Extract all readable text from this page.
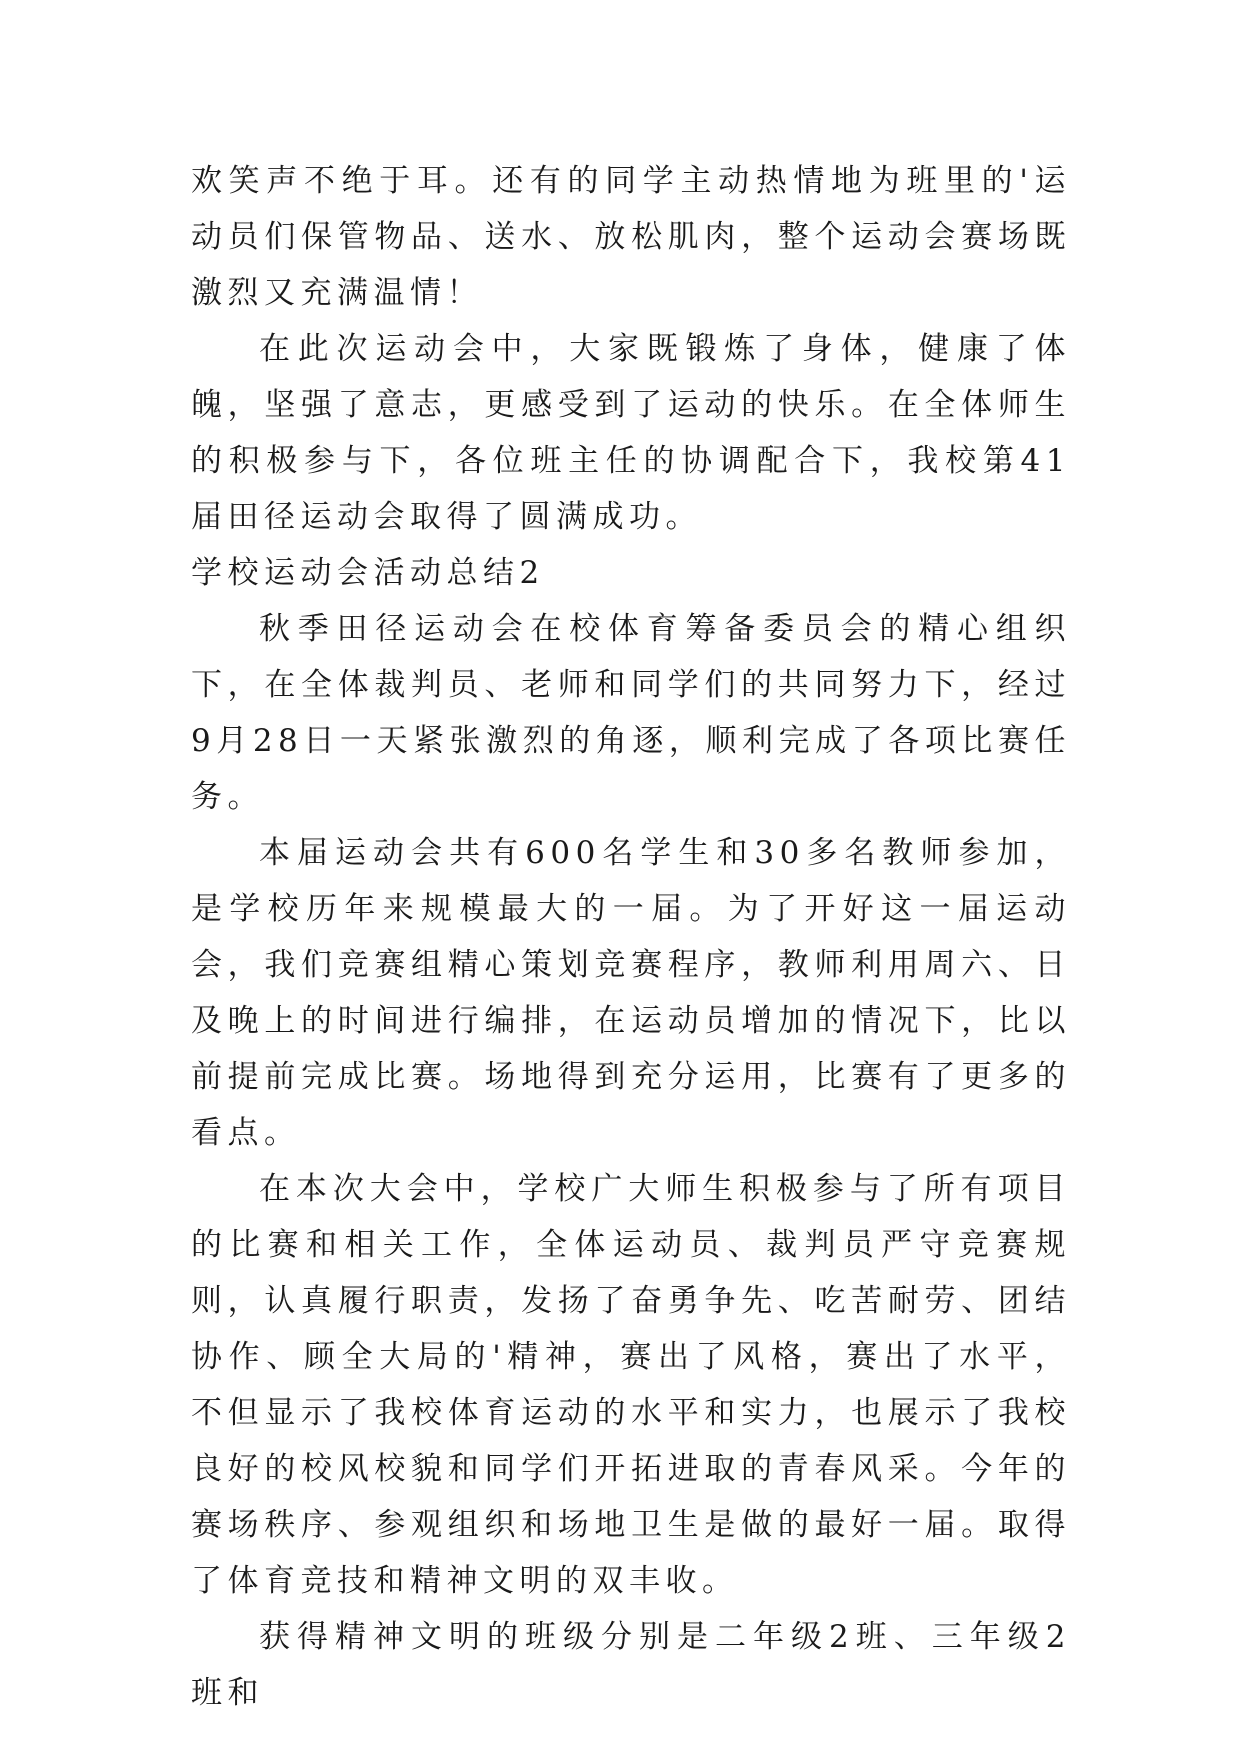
欢笑声不绝于耳。还有的同学主动热情地为班里的'运动员们保管物品、送水、放松肌肉，整个运动会赛场既激烈又充满温情！

在此次运动会中，大家既锻炼了身体，健康了体魄，坚强了意志，更感受到了运动的快乐。在全体师生的积极参与下，各位班主任的协调配合下，我校第41届田径运动会取得了圆满成功。

学校运动会活动总结2

秋季田径运动会在校体育筹备委员会的精心组织下，在全体裁判员、老师和同学们的共同努力下，经过9月28日一天紧张激烈的角逐，顺利完成了各项比赛任务。

本届运动会共有600名学生和30多名教师参加，是学校历年来规模最大的一届。为了开好这一届运动会，我们竞赛组精心策划竞赛程序，教师利用周六、日及晚上的时间进行编排，在运动员增加的情况下，比以前提前完成比赛。场地得到充分运用，比赛有了更多的看点。

在本次大会中，学校广大师生积极参与了所有项目的比赛和相关工作，全体运动员、裁判员严守竞赛规则，认真履行职责，发扬了奋勇争先、吃苦耐劳、团结协作、顾全大局的'精神，赛出了风格，赛出了水平，不但显示了我校体育运动的水平和实力，也展示了我校良好的校风校貌和同学们开拓进取的青春风采。今年的赛场秩序、参观组织和场地卫生是做的最好一届。取得了体育竞技和精神文明的双丰收。

获得精神文明的班级分别是二年级2班、三年级2班和
